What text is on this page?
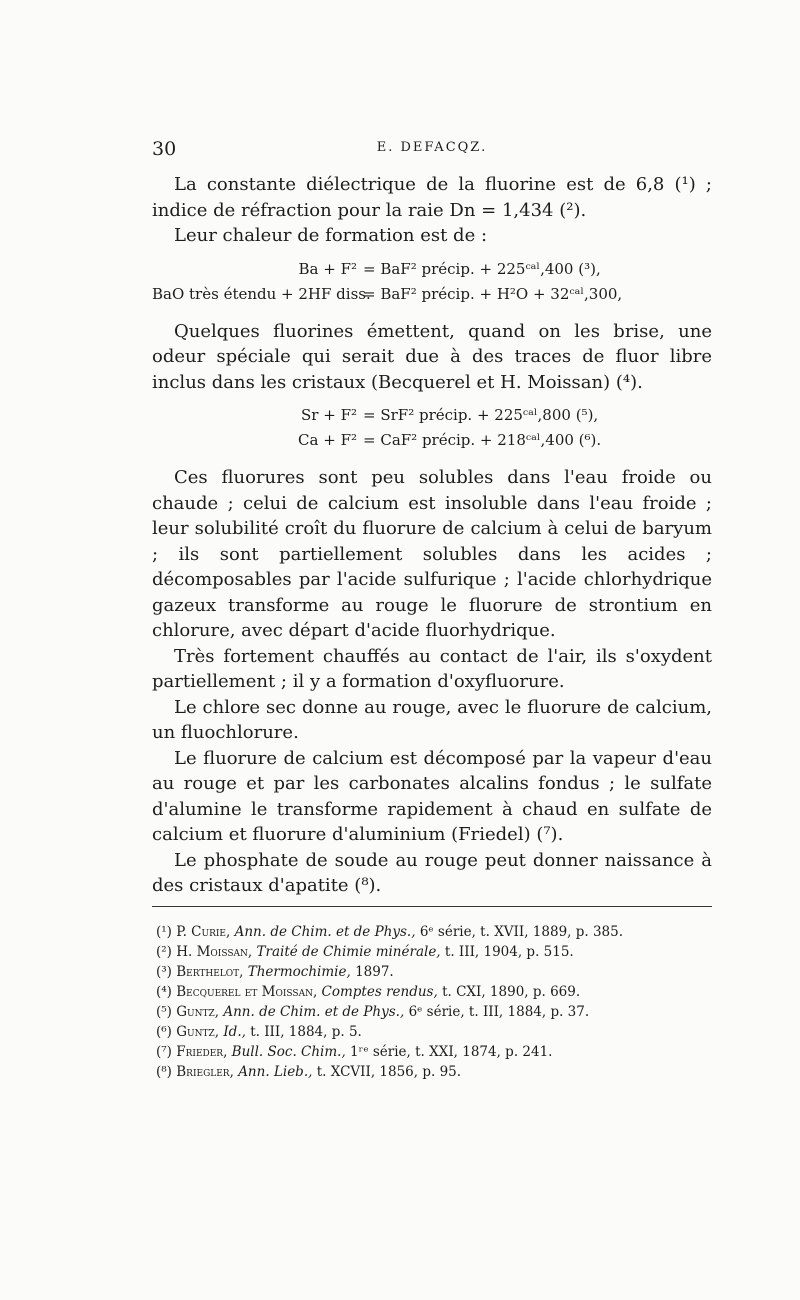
30	E. DEFACQZ.

La constante diélectrique de la fluorine est de 6,8 (¹) ; indice de réfraction pour la raie Dn = 1,434 (²).

Leur chaleur de formation est de :

Ba + F² = BaF² précip. + 225ᶜᵃˡ,400 (³),
BaO très étendu + 2HF diss.
= BaF² précip. + H²O + 32ᶜᵃˡ,300,

Quelques fluorines émettent, quand on les brise, une odeur spéciale qui serait due à des traces de fluor libre inclus dans les cristaux (Becquerel et H. Moissan) (⁴).

Sr + F² = SrF² précip. + 225ᶜᵃˡ,800 (⁵),
Ca + F² = CaF² précip. + 218ᶜᵃˡ,400 (⁶).

Ces fluorures sont peu solubles dans l'eau froide ou chaude ; celui de calcium est insoluble dans l'eau froide ; leur solubilité croît du fluorure de calcium à celui de baryum ; ils sont partiellement solubles dans les acides ; décomposables par l'acide sulfurique ; l'acide chlorhydrique gazeux transforme au rouge le fluorure de strontium en chlorure, avec départ d'acide fluorhydrique.

Très fortement chauffés au contact de l'air, ils s'oxydent partiellement ; il y a formation d'oxyfluorure.

Le chlore sec donne au rouge, avec le fluorure de calcium, un fluochlorure.

Le fluorure de calcium est décomposé par la vapeur d'eau au rouge et par les carbonates alcalins fondus ; le sulfate d'alumine le transforme rapidement à chaud en sulfate de calcium et fluorure d'aluminium (Friedel) (⁷).

Le phosphate de soude au rouge peut donner naissance à des cristaux d'apatite (⁸).

(¹) P. Curie, Ann. de Chim. et de Phys., 6ᵉ série, t. XVII, 1889, p. 385.
(²) H. Moissan, Traité de Chimie minérale, t. III, 1904, p. 515.
(³) Berthelot, Thermochimie, 1897.
(⁴) Becquerel et Moissan, Comptes rendus, t. CXI, 1890, p. 669.
(⁵) Guntz, Ann. de Chim. et de Phys., 6ᵉ série, t. III, 1884, p. 37.
(⁶) Guntz, Id., t. III, 1884, p. 5.
(⁷) Frieder, Bull. Soc. Chim., 1ʳᵉ série, t. XXI, 1874, p. 241.
(⁸) Briegler, Ann. Lieb., t. XCVII, 1856, p. 95.
